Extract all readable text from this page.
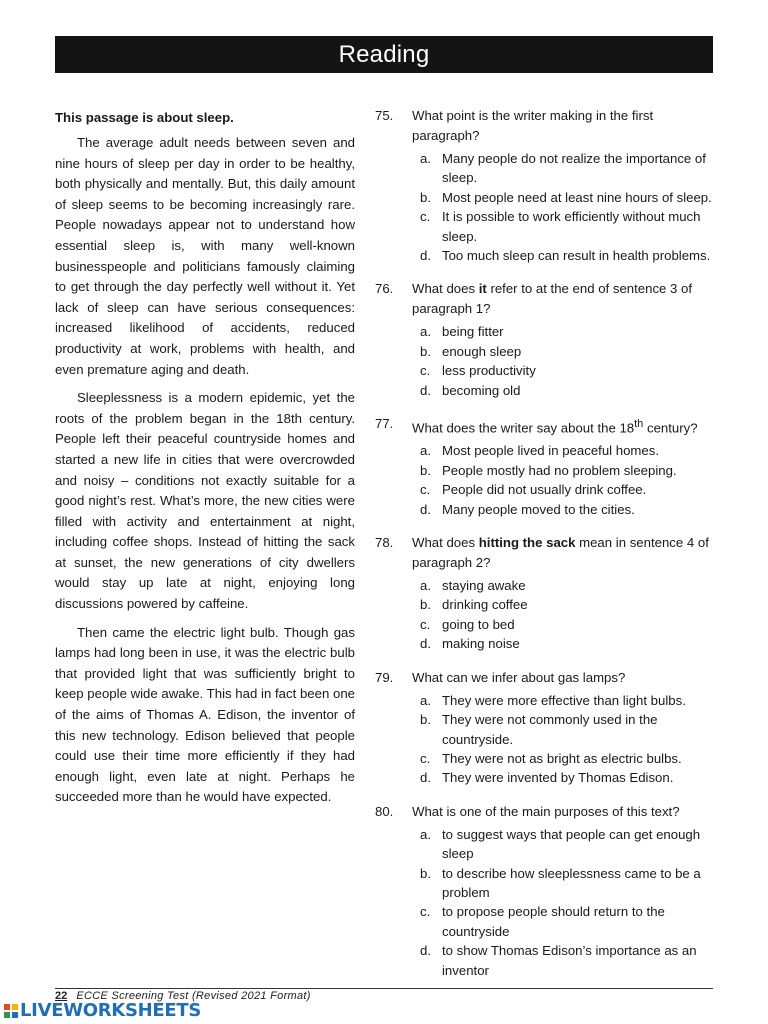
Reading

This passage is about sleep.

The average adult needs between seven and nine hours of sleep per day in order to be healthy, both physically and mentally. But, this daily amount of sleep seems to be becoming increasingly rare. People nowadays appear not to understand how essential sleep is, with many well-known businesspeople and politicians famously claiming to get through the day perfectly well without it. Yet lack of sleep can have serious consequences: increased likelihood of accidents, reduced productivity at work, problems with health, and even premature aging and death.

Sleeplessness is a modern epidemic, yet the roots of the problem began in the 18th century. People left their peaceful countryside homes and started a new life in cities that were overcrowded and noisy – conditions not exactly suitable for a good night’s rest. What’s more, the new cities were filled with activity and entertainment at night, including coffee shops. Instead of hitting the sack at sunset, the new generations of city dwellers would stay up late at night, enjoying long discussions powered by caffeine.

Then came the electric light bulb. Though gas lamps had long been in use, it was the electric bulb that provided light that was sufficiently bright to keep people wide awake. This had in fact been one of the aims of Thomas A. Edison, the inventor of this new technology. Edison believed that people could use their time more efficiently if they had enough light, even late at night. Perhaps he succeeded more than he would have expected.

75.	What point is the writer making in the first paragraph?
a. Many people do not realize the importance of sleep.
b. Most people need at least nine hours of sleep.
c. It is possible to work efficiently without much sleep.
d. Too much sleep can result in health problems.
76.	What does it refer to at the end of sentence 3 of paragraph 1?
a. being fitter
b. enough sleep
c. less productivity
d. becoming old
77.	What does the writer say about the 18th century?
a. Most people lived in peaceful homes.
b. People mostly had no problem sleeping.
c. People did not usually drink coffee.
d. Many people moved to the cities.
78.	What does hitting the sack mean in sentence 4 of paragraph 2?
a. staying awake
b. drinking coffee
c. going to bed
d. making noise
79.	What can we infer about gas lamps?
a. They were more effective than light bulbs.
b. They were not commonly used in the countryside.
c. They were not as bright as electric bulbs.
d. They were invented by Thomas Edison.
80.	What is one of the main purposes of this text?
a. to suggest ways that people can get enough sleep
b. to describe how sleeplessness came to be a problem
c. to propose people should return to the countryside
d. to show Thomas Edison’s importance as an inventor
22 ECCE Screening Test (Revised 2021 Format)
LIVEWORKSHEETS
